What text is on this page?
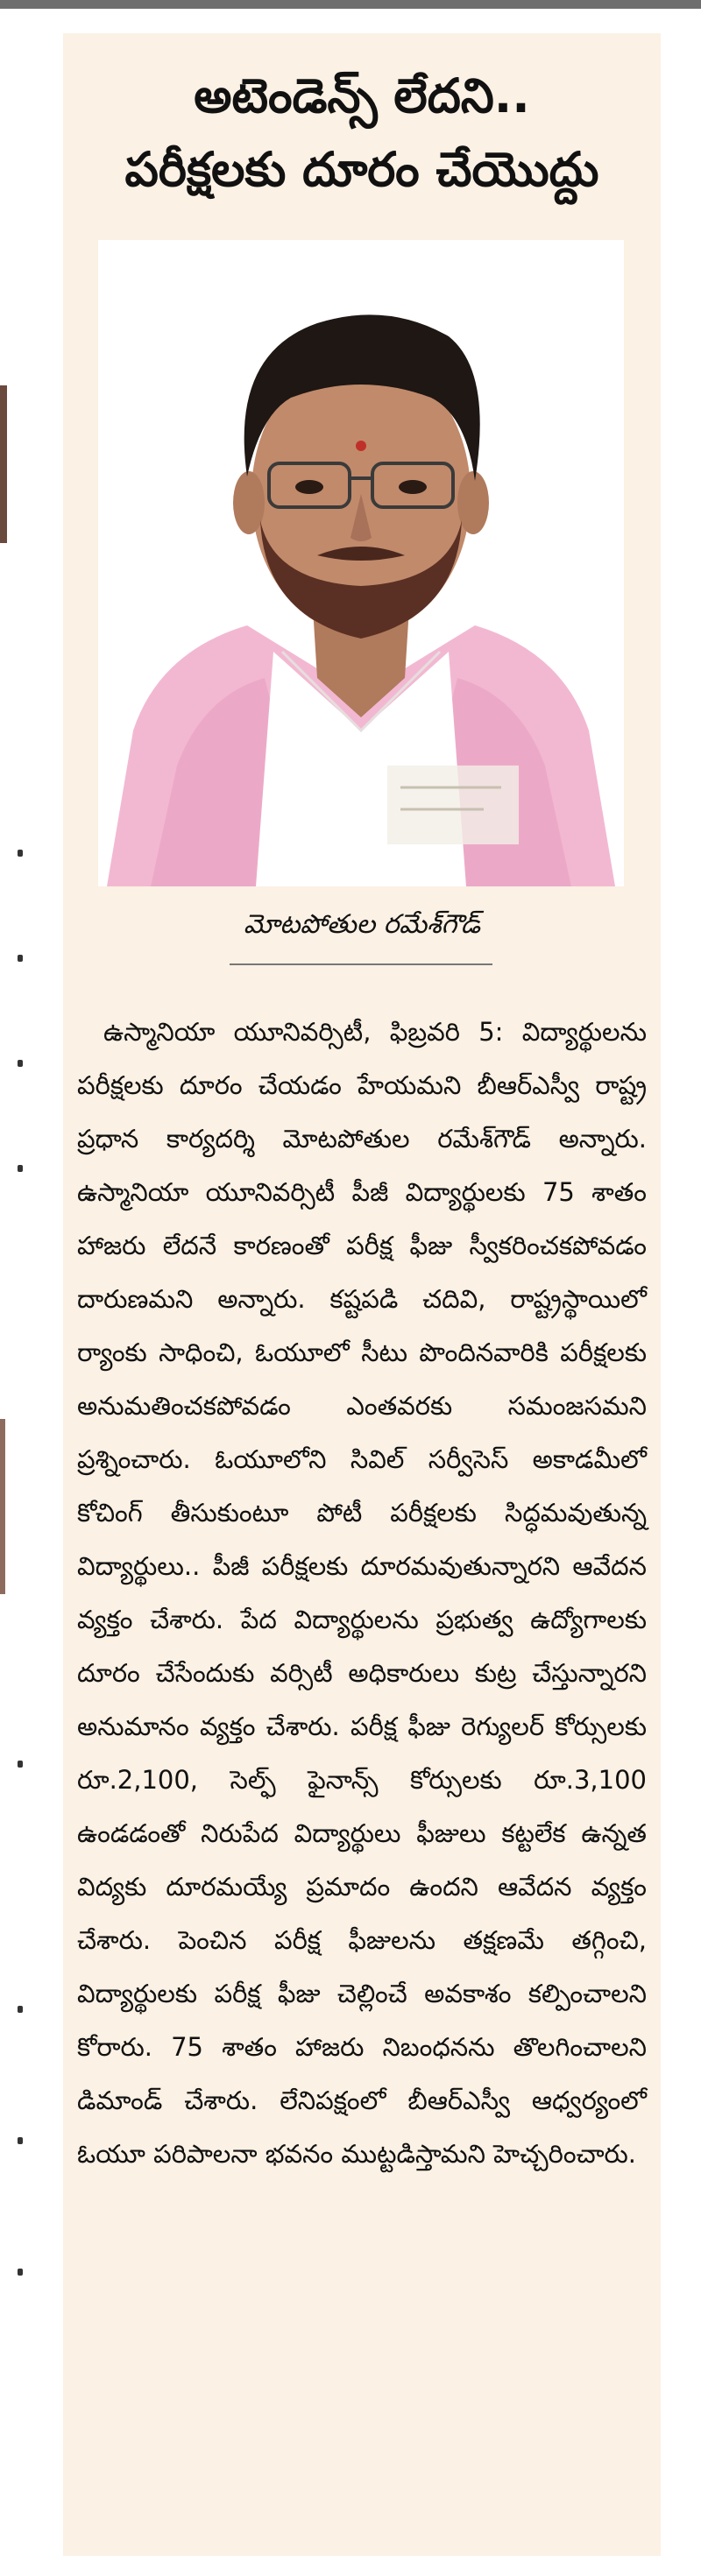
అటెండెన్స్ లేదని..
పరీక్షలకు దూరం చేయొద్దు
మోటపోతుల రమేశ్‌గౌడ్
ఉస్మానియా యూనివర్సిటీ, ఫిబ్రవరి 5: విద్యార్థులను పరీక్షలకు దూరం చేయడం హేయమని బీఆర్‌ఎస్వీ రాష్ట్ర ప్రధాన కార్యదర్శి మోటపోతుల రమేశ్‌గౌడ్ అన్నారు. ఉస్మానియా యూనివర్సిటీ పీజీ విద్యార్థులకు 75 శాతం హాజరు లేదనే కారణంతో పరీక్ష ఫీజు స్వీకరించకపోవడం దారుణమని అన్నారు. కష్టపడి చదివి, రాష్ట్రస్థాయిలో ర్యాంకు సాధించి, ఓయూలో సీటు పొందినవారికి పరీక్షలకు అనుమతించకపోవడం ఎంతవరకు సమంజసమని ప్రశ్నించారు. ఓయూలోని సివిల్ సర్వీసెస్ అకాడమీలో కోచింగ్ తీసుకుంటూ పోటీ పరీక్షలకు సిద్ధమవుతున్న విద్యార్థులు.. పీజీ పరీక్షలకు దూరమవుతున్నారని ఆవేదన వ్యక్తం చేశారు. పేద విద్యార్థులను ప్రభుత్వ ఉద్యోగాలకు దూరం చేసేందుకు వర్సిటీ అధికారులు కుట్ర చేస్తున్నారని అనుమానం వ్యక్తం చేశారు. పరీక్ష ఫీజు రెగ్యులర్ కోర్సులకు రూ.2,100, సెల్ఫ్ ఫైనాన్స్ కోర్సులకు రూ.3,100 ఉండడంతో నిరుపేద విద్యార్థులు ఫీజులు కట్టలేక ఉన్నత విద్యకు దూరమయ్యే ప్రమాదం ఉందని ఆవేదన వ్యక్తం చేశారు. పెంచిన పరీక్ష ఫీజులను తక్షణమే తగ్గించి, విద్యార్థులకు పరీక్ష ఫీజు చెల్లించే అవకాశం కల్పించాలని కోరారు. 75 శాతం హాజరు నిబంధనను తొలగించాలని డిమాండ్ చేశారు. లేనిపక్షంలో బీఆర్‌ఎస్వీ ఆధ్వర్యంలో ఓయూ పరిపాలనా భవనం ముట్టడిస్తామని హెచ్చరించారు.
